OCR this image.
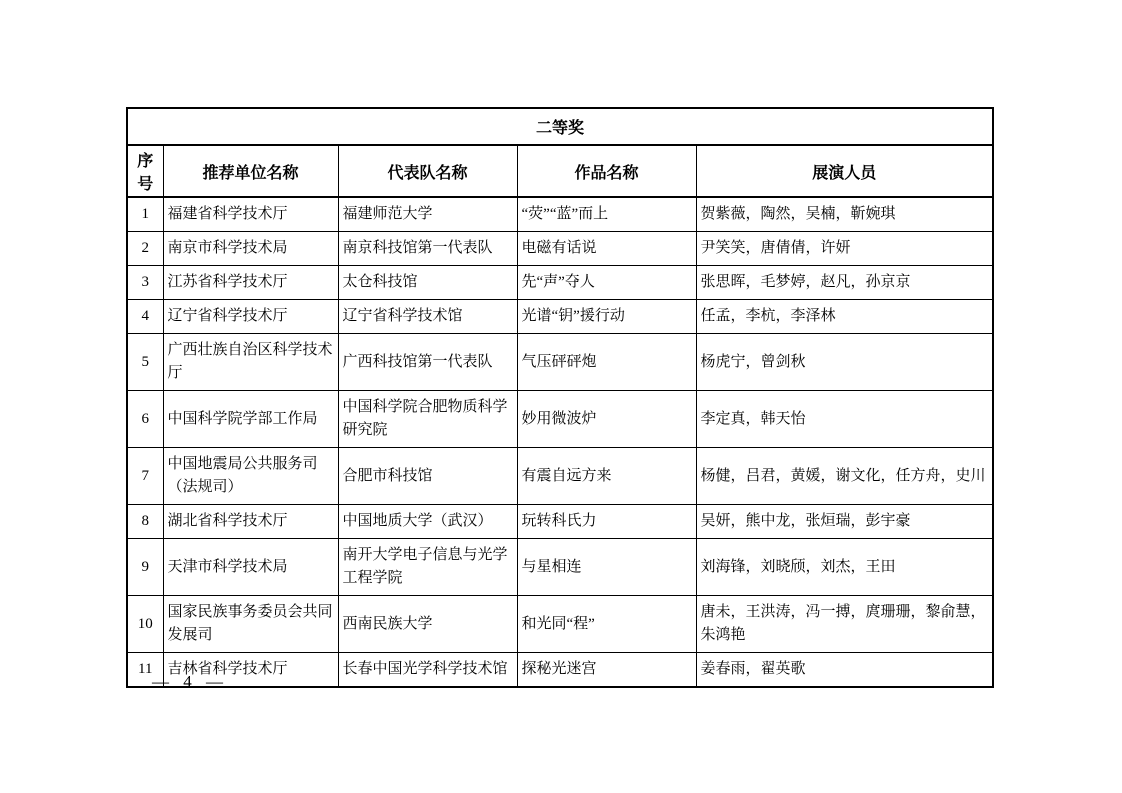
二等奖				
序号	推荐单位名称	代表队名称	作品名称	展演人员
1	福建省科学技术厅	福建师范大学	“荧”“蓝”而上	贺紫薇，陶然，吴楠，靳婉琪
2	南京市科学技术局	南京科技馆第一代表队	电磁有话说	尹笑笑，唐倩倩，许妍
3	江苏省科学技术厅	太仓科技馆	先“声”夺人	张思晖，毛梦婷，赵凡，孙京京
4	辽宁省科学技术厅	辽宁省科学技术馆	光谱“钥”援行动	任孟，李杭，李泽林
5	广西壮族自治区科学技术厅	广西科技馆第一代表队	气压砰砰炮	杨虎宁，曾剑秋
6	中国科学院学部工作局	中国科学院合肥物质科学研究院	妙用微波炉	李定真，韩天怡
7	中国地震局公共服务司（法规司）	合肥市科技馆	有震自远方来	杨健，吕君，黄媛，谢文化，任方舟，史川
8	湖北省科学技术厅	中国地质大学（武汉）	玩转科氏力	吴妍，熊中龙，张烜瑞，彭宇豪
9	天津市科学技术局	南开大学电子信息与光学工程学院	与星相连	刘海锋，刘晓颀，刘杰，王田
10	国家民族事务委员会共同发展司	西南民族大学	和光同“程”	唐未，王洪涛，冯一搏，庹珊珊，黎俞慧，朱鸿艳
11	吉林省科学技术厅	长春中国光学科学技术馆	探秘光迷宫	姜春雨，翟英歌
— 4 —
